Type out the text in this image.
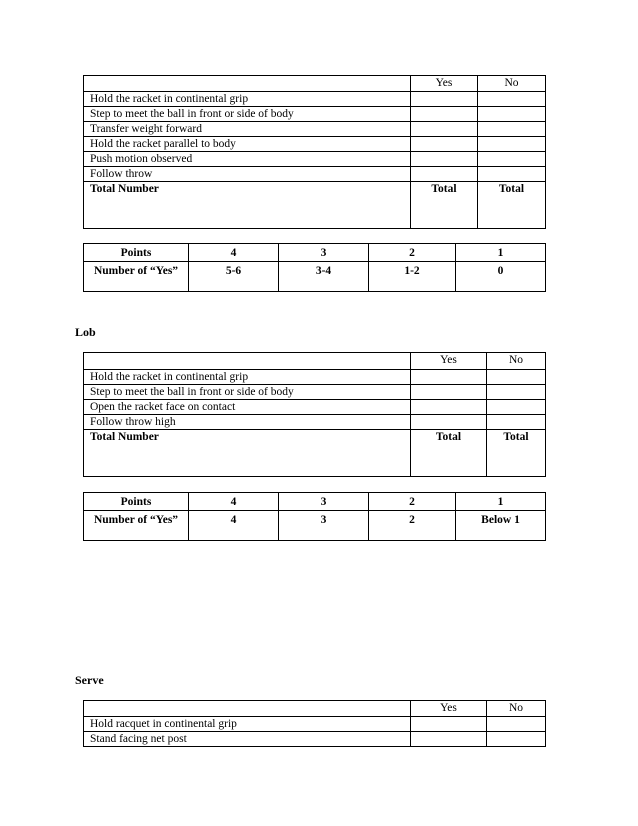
	Yes	No
Hold the racket in continental grip		
Step to meet the ball in front or side of body		
Transfer weight forward		
Hold the racket parallel to body		
Push motion observed		
Follow throw		
Total Number	Total	Total
Points	4	3	2	1
Number of “Yes”	5-6	3-4	1-2	0
Lob
	Yes	No
Hold the racket in continental grip		
Step to meet the ball in front or side of body		
Open the racket face on contact		
Follow throw high		
Total Number	Total	Total
Points	4	3	2	1
Number of “Yes”	4	3	2	Below 1
Serve
	Yes	No
Hold racquet in continental grip		
Stand facing net post		
